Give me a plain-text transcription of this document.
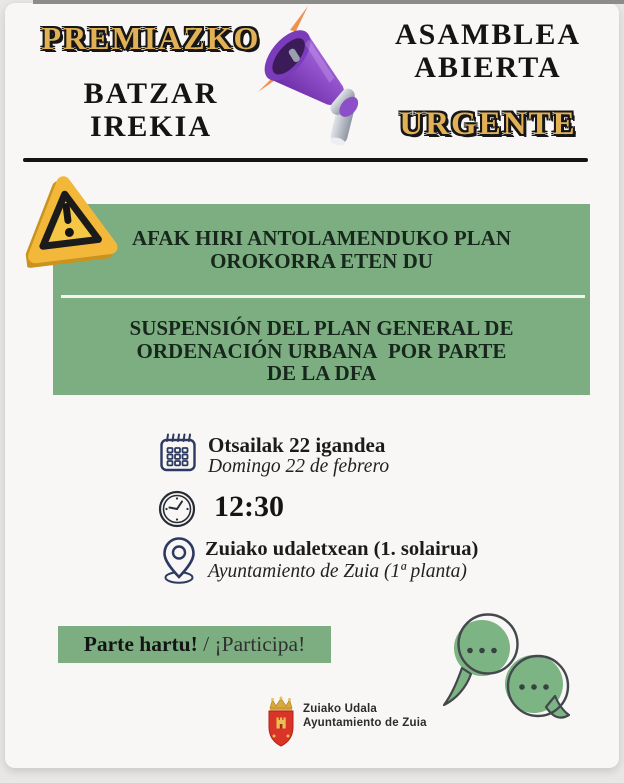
PREMIAZKO
BATZAR
IREKIA
ASAMBLEA
ABIERTA
URGENTE
AFAK HIRI ANTOLAMENDUKO PLAN
OROKORRA ETEN DU
SUSPENSIÓN DEL PLAN GENERAL DE
ORDENACIÓN URBANA  POR PARTE
DE LA DFA
Otsailak 22 igandea
Domingo 22 de febrero
12:30
Zuiako udaletxean (1. solairua)
Ayuntamiento de Zuia (1ª planta)
Parte hartu! / ¡Participa!
Zuiako Udala
Ayuntamiento de Zuia
